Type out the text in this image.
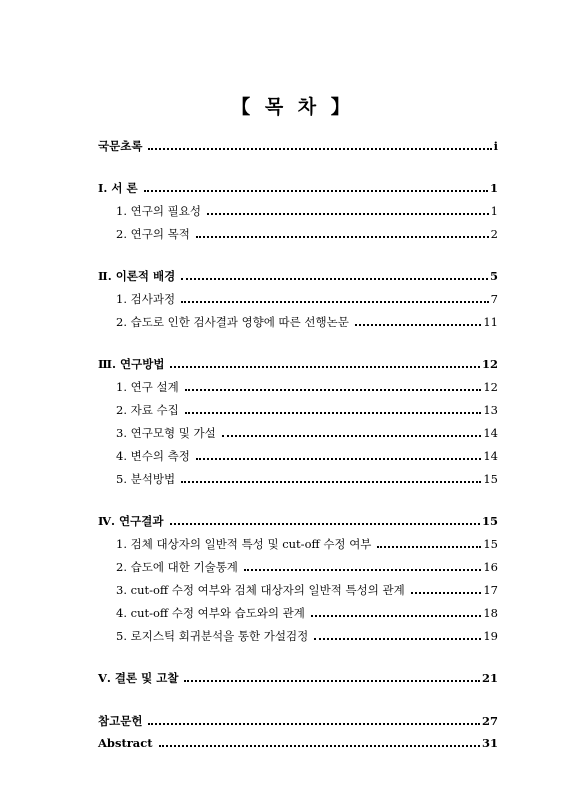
【 목 차 】
국문초록	i
Ⅰ. 서 론	1
1. 연구의 필요성	1
2. 연구의 목적	2
Ⅱ. 이론적 배경	5
1. 검사과정	7
2. 습도로 인한 검사결과 영향에 따른 선행논문	11
Ⅲ. 연구방법	12
1. 연구 설계	12
2. 자료 수집	13
3. 연구모형 및 가설	14
4. 변수의 측정	14
5. 분석방법	15
Ⅳ. 연구결과	15
1. 검체 대상자의 일반적 특성 및 cut-off 수정 여부	15
2. 습도에 대한 기술통계	16
3. cut-off 수정 여부와 검체 대상자의 일반적 특성의 관계	17
4. cut-off 수정 여부와 습도와의 관계	18
5. 로지스틱 회귀분석을 통한 가설검정	19
Ⅴ. 결론 및 고찰	21
참고문헌	27
Abstract	31
